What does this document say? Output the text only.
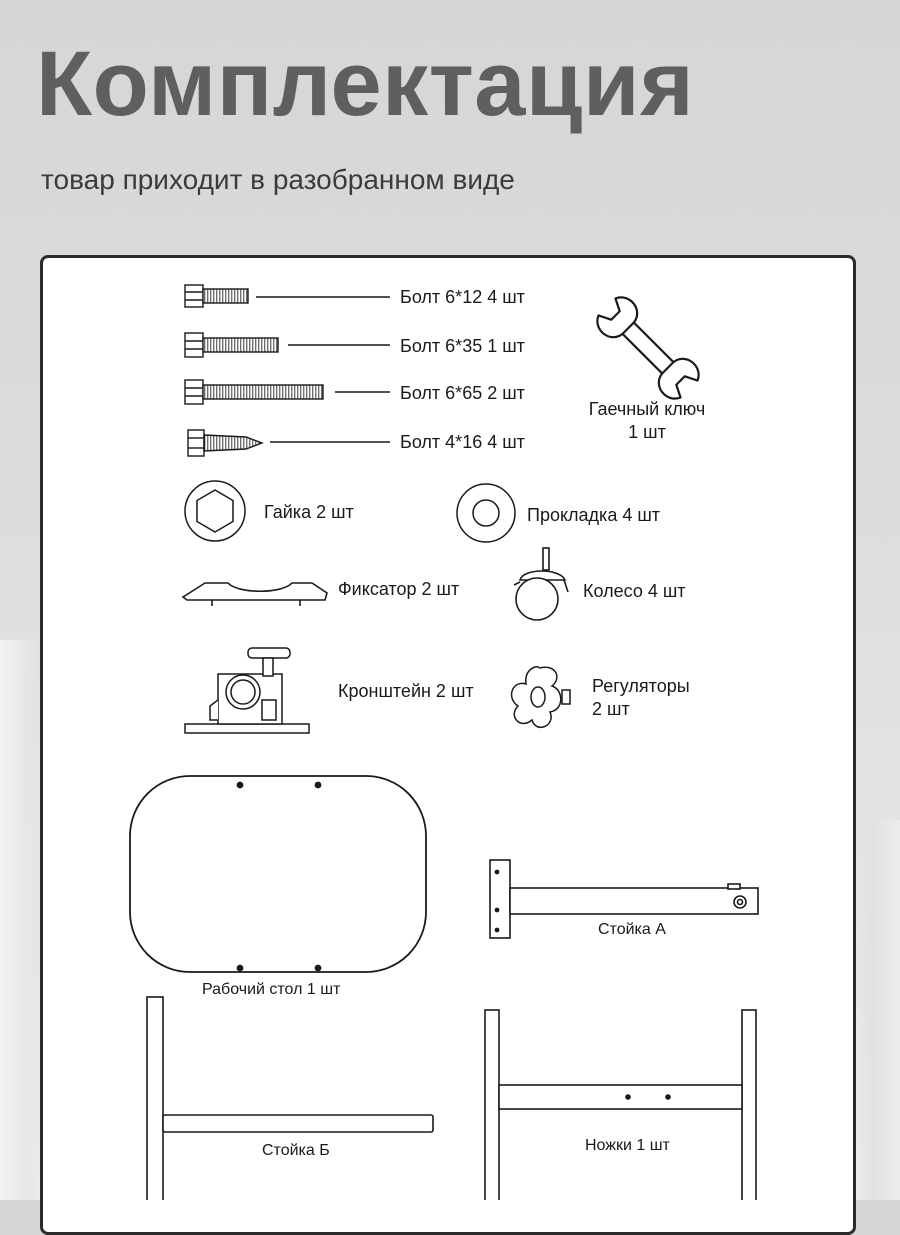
Комплектация

товар приходит в разобранном виде

Болт 6*12 4 шт

Болт 6*35 1 шт

Болт 6*65 2 шт

Болт 4*16 4 шт

Гаечный ключ
1 шт

Гайка 2 шт	Прокладка 4 шт

Фиксатор 2 шт	Колесо 4 шт

Кронштейн 2 шт	Регуляторы
2 шт

Рабочий стол 1 шт

Стойка А

Стойка Б	Ножки 1 шт
